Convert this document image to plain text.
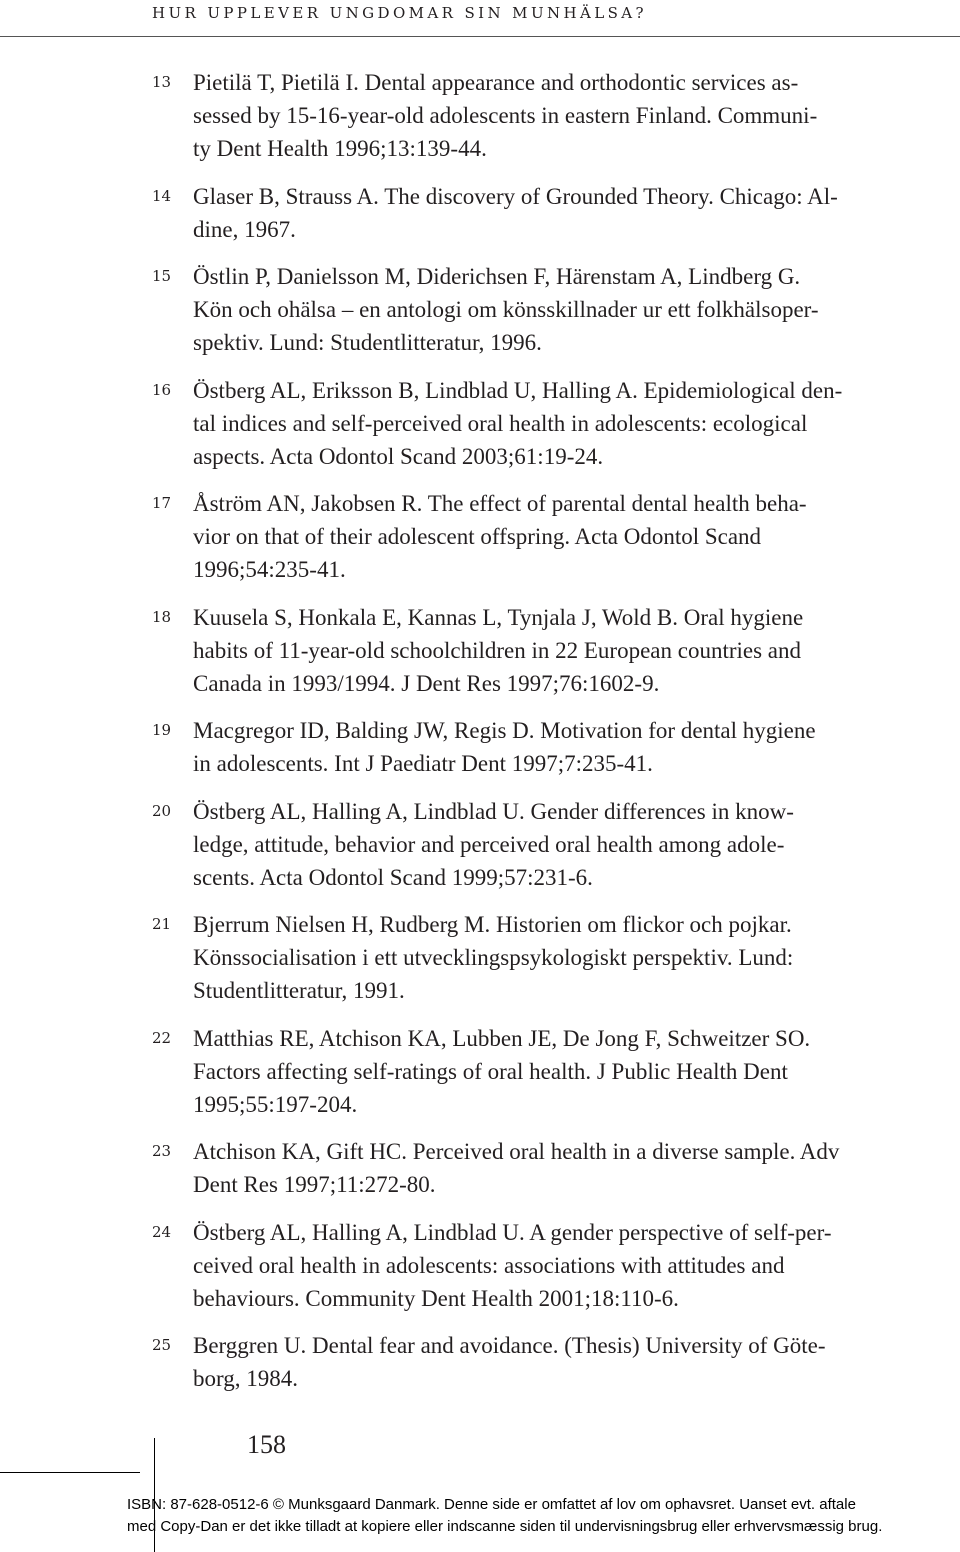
HUR UPPLEVER UNGDOMAR SIN MUNHÄLSA?
13 Pietilä T, Pietilä I. Dental appearance and orthodontic services as-
sessed by 15-16-year-old adolescents in eastern Finland. Communi-
ty Dent Health 1996;13:139-44.
14 Glaser B, Strauss A. The discovery of Grounded Theory. Chicago: Al-
dine, 1967.
15 Östlin P, Danielsson M, Diderichsen F, Härenstam A, Lindberg G.
Kön och ohälsa – en antologi om könsskillnader ur ett folkhälsoper-
spektiv. Lund: Studentlitteratur, 1996.
16 Östberg AL, Eriksson B, Lindblad U, Halling A. Epidemiological den-
tal indices and self-perceived oral health in adolescents: ecological
aspects. Acta Odontol Scand 2003;61:19-24.
17 Åström AN, Jakobsen R. The effect of parental dental health beha-
vior on that of their adolescent offspring. Acta Odontol Scand
1996;54:235-41.
18 Kuusela S, Honkala E, Kannas L, Tynjala J, Wold B. Oral hygiene
habits of 11-year-old schoolchildren in 22 European countries and
Canada in 1993/1994. J Dent Res 1997;76:1602-9.
19 Macgregor ID, Balding JW, Regis D. Motivation for dental hygiene
in adolescents. Int J Paediatr Dent 1997;7:235-41.
20 Östberg AL, Halling A, Lindblad U. Gender differences in know-
ledge, attitude, behavior and perceived oral health among adole-
scents. Acta Odontol Scand 1999;57:231-6.
21 Bjerrum Nielsen H, Rudberg M. Historien om flickor och pojkar.
Könssocialisation i ett utvecklingspsykologiskt perspektiv. Lund:
Studentlitteratur, 1991.
22 Matthias RE, Atchison KA, Lubben JE, De Jong F, Schweitzer SO.
Factors affecting self-ratings of oral health. J Public Health Dent
1995;55:197-204.
23 Atchison KA, Gift HC. Perceived oral health in a diverse sample. Adv
Dent Res 1997;11:272-80.
24 Östberg AL, Halling A, Lindblad U. A gender perspective of self-per-
ceived oral health in adolescents: associations with attitudes and
behaviours. Community Dent Health 2001;18:110-6.
25 Berggren U. Dental fear and avoidance. (Thesis) University of Göte-
borg, 1984.
158
ISBN: 87-628-0512-6 © Munksgaard Danmark. Denne side er omfattet af lov om ophavsret. Uanset evt. aftale
med Copy-Dan er det ikke tilladt at kopiere eller indscanne siden til undervisningsbrug eller erhvervsmæssig brug.
